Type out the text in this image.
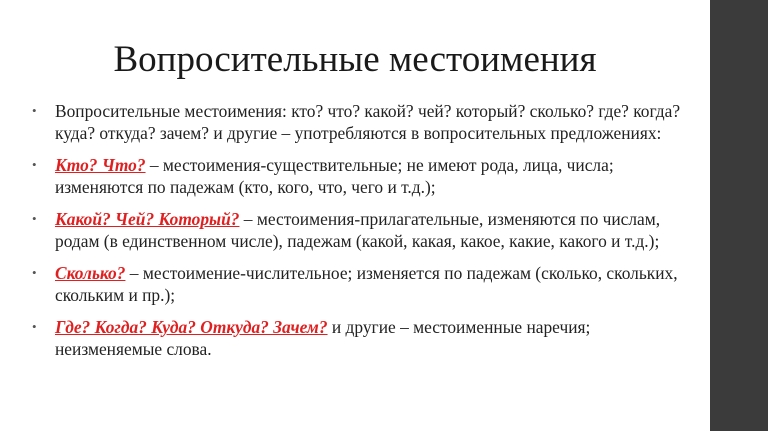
Вопросительные местоимения
• Вопросительные местоимения: кто? что? какой? чей? который? сколько? где? когда? куда? откуда? зачем? и другие – употребляются в вопросительных предложениях:
• Кто? Что? – местоимения-существительные; не имеют рода, лица, числа; изменяются по падежам (кто, кого, что, чего и т.д.);
• Какой? Чей? Который? – местоимения-прилагательные, изменяются по числам, родам (в единственном числе), падежам (какой, какая, какое, какие, какого и т.д.);
• Сколько? – местоимение-числительное; изменяется по падежам (сколько, скольких, скольким и пр.);
• Где? Когда? Куда? Откуда? Зачем? и другие – местоименные наречия; неизменяемые слова.
